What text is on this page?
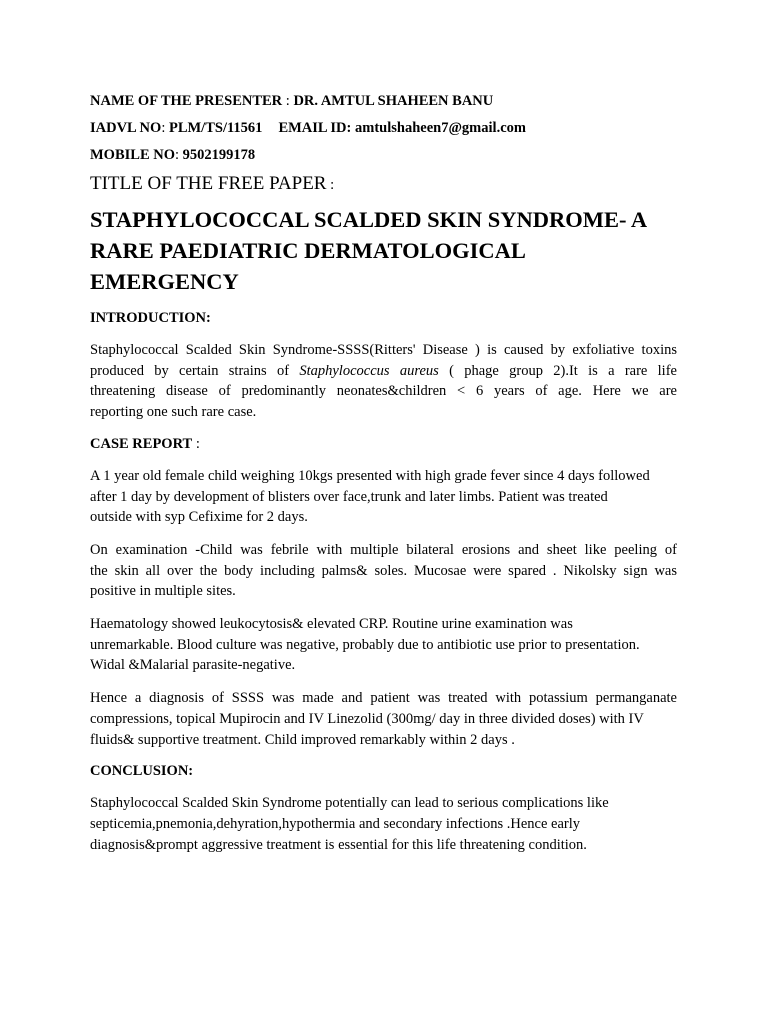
NAME OF THE PRESENTER : DR. AMTUL SHAHEEN BANU

IADVL NO: PLM/TS/11561 EMAIL ID: amtulshaheen7@gmail.com

MOBILE NO: 9502199178

TITLE OF THE FREE PAPER :

STAPHYLOCOCCAL SCALDED SKIN SYNDROME- A
RARE PAEDIATRIC DERMATOLOGICAL
EMERGENCY

INTRODUCTION:

Staphylococcal Scalded Skin Syndrome-SSSS(Ritters' Disease ) is caused by exfoliative toxins
produced by certain strains of Staphylococcus aureus ( phage group 2).It is a rare life
threatening disease of predominantly neonates&children < 6 years of age. Here we are
reporting one such rare case.

CASE REPORT :

A 1 year old female child weighing 10kgs presented with high grade fever since 4 days followed
after 1 day by development of blisters over face,trunk and later limbs. Patient was treated
outside with syp Cefixime for 2 days.
On examination -Child was febrile with multiple bilateral erosions and sheet like peeling of
the skin all over the body including palms& soles. Mucosae were spared . Nikolsky sign was
positive in multiple sites.
Haematology showed leukocytosis& elevated CRP. Routine urine examination was
unremarkable. Blood culture was negative, probably due to antibiotic use prior to presentation.
Widal &Malarial parasite-negative.
Hence a diagnosis of SSSS was made and patient was treated with potassium permanganate
compressions, topical Mupirocin and IV Linezolid (300mg/ day in three divided doses) with IV
fluids& supportive treatment. Child improved remarkably within 2 days .

CONCLUSION:

Staphylococcal Scalded Skin Syndrome potentially can lead to serious complications like
septicemia,pnemonia,dehyration,hypothermia and secondary infections .Hence early
diagnosis&prompt aggressive treatment is essential for this life threatening condition.
